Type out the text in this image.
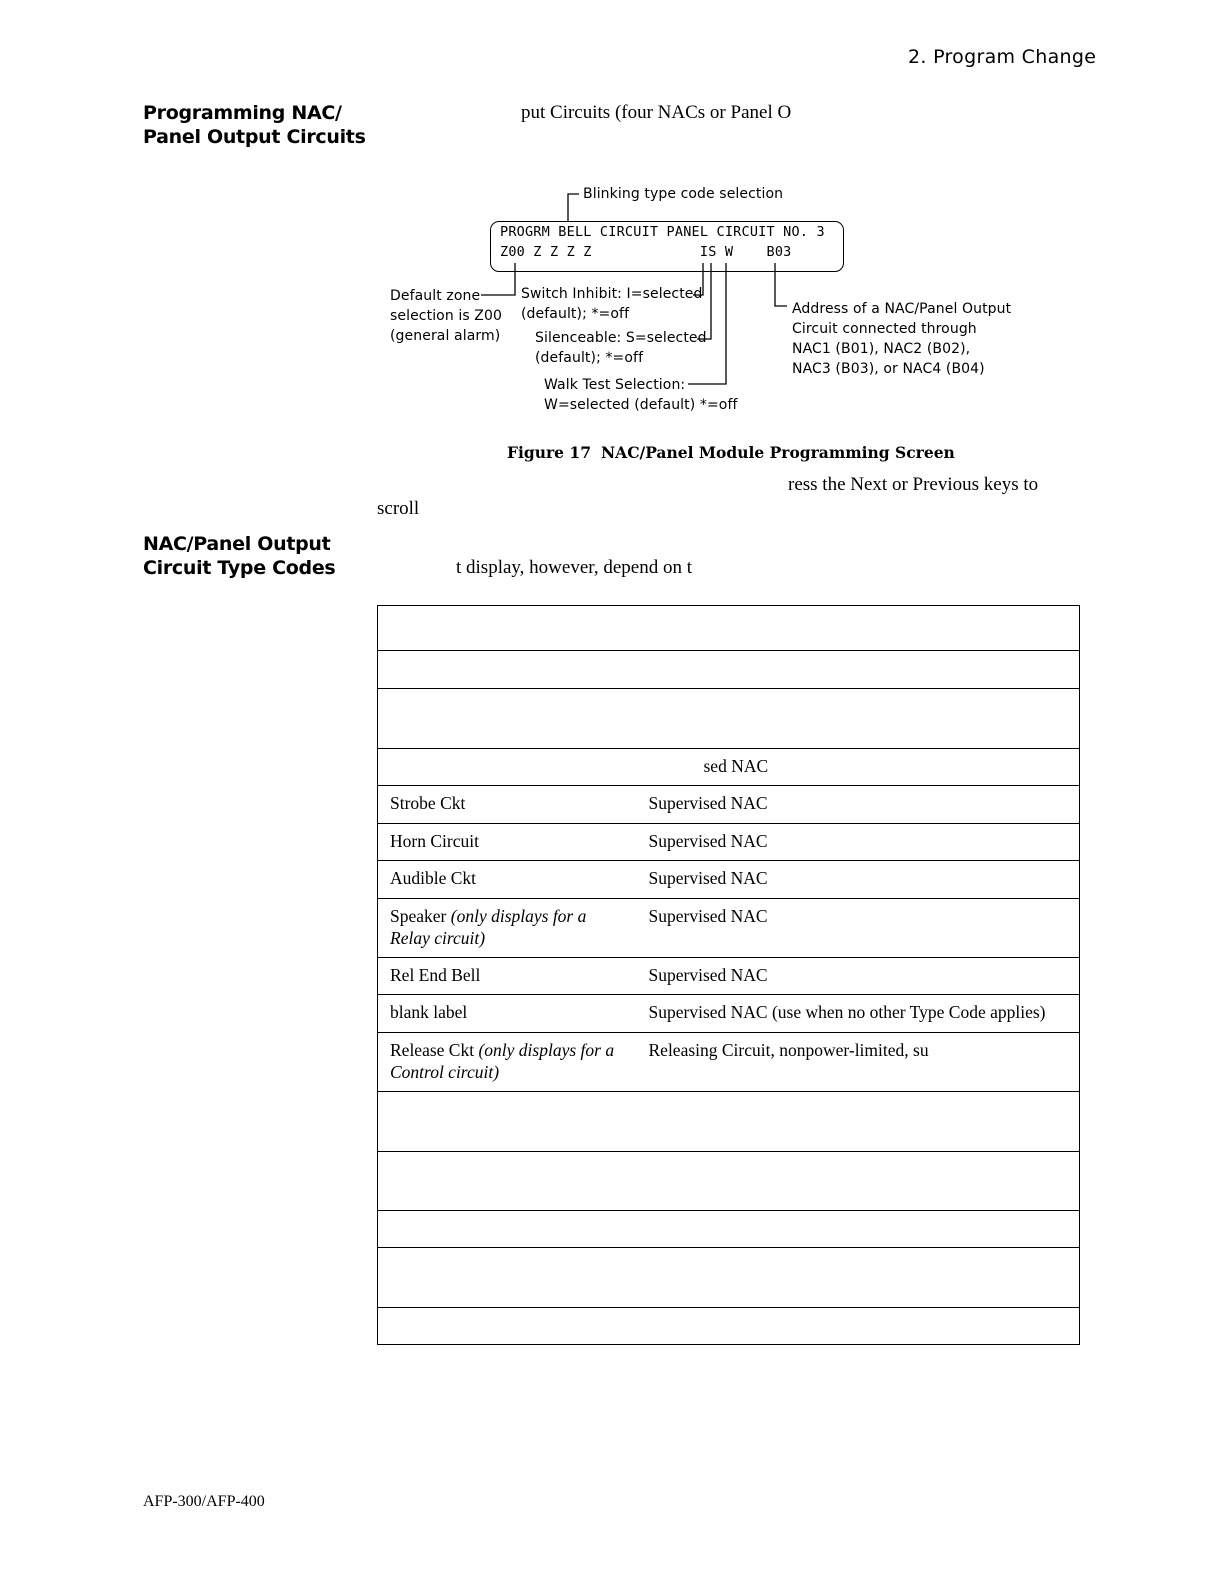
2. Program Change
Programming NAC/
Panel Output Circuits
put Circuits (four NACs or Panel O
PROGRM BELL CIRCUIT PANEL CIRCUIT NO. 3
Z00 Z Z Z Z             IS W    B03
Blinking type code selection
Default zone
selection is Z00
(general alarm)
Switch Inhibit: I=selected
(default); *=off
Silenceable: S=selected
(default); *=off
Walk Test Selection:
W=selected (default) *=off
Address of a NAC/Panel Output
Circuit connected through
NAC1 (B01), NAC2 (B02),
NAC3 (B03), or NAC4 (B04)
Figure 17 NAC/Panel Module Programming Screen
ress the Next or Previous keys to
scroll
NAC/Panel Output
Circuit Type Codes	t display, however, depend on t

	sed NAC
Strobe Ckt	Supervised NAC
Horn Circuit	Supervised NAC
Audible Ckt	Supervised NAC
Speaker (only displays for a Relay circuit)	Supervised NAC
Rel End Bell	Supervised NAC
blank label	Supervised NAC (use when no other Type Code applies)
Release Ckt (only displays for a Control circuit)	Releasing Circuit, nonpower-limited, su

AFP-300/AFP-400
